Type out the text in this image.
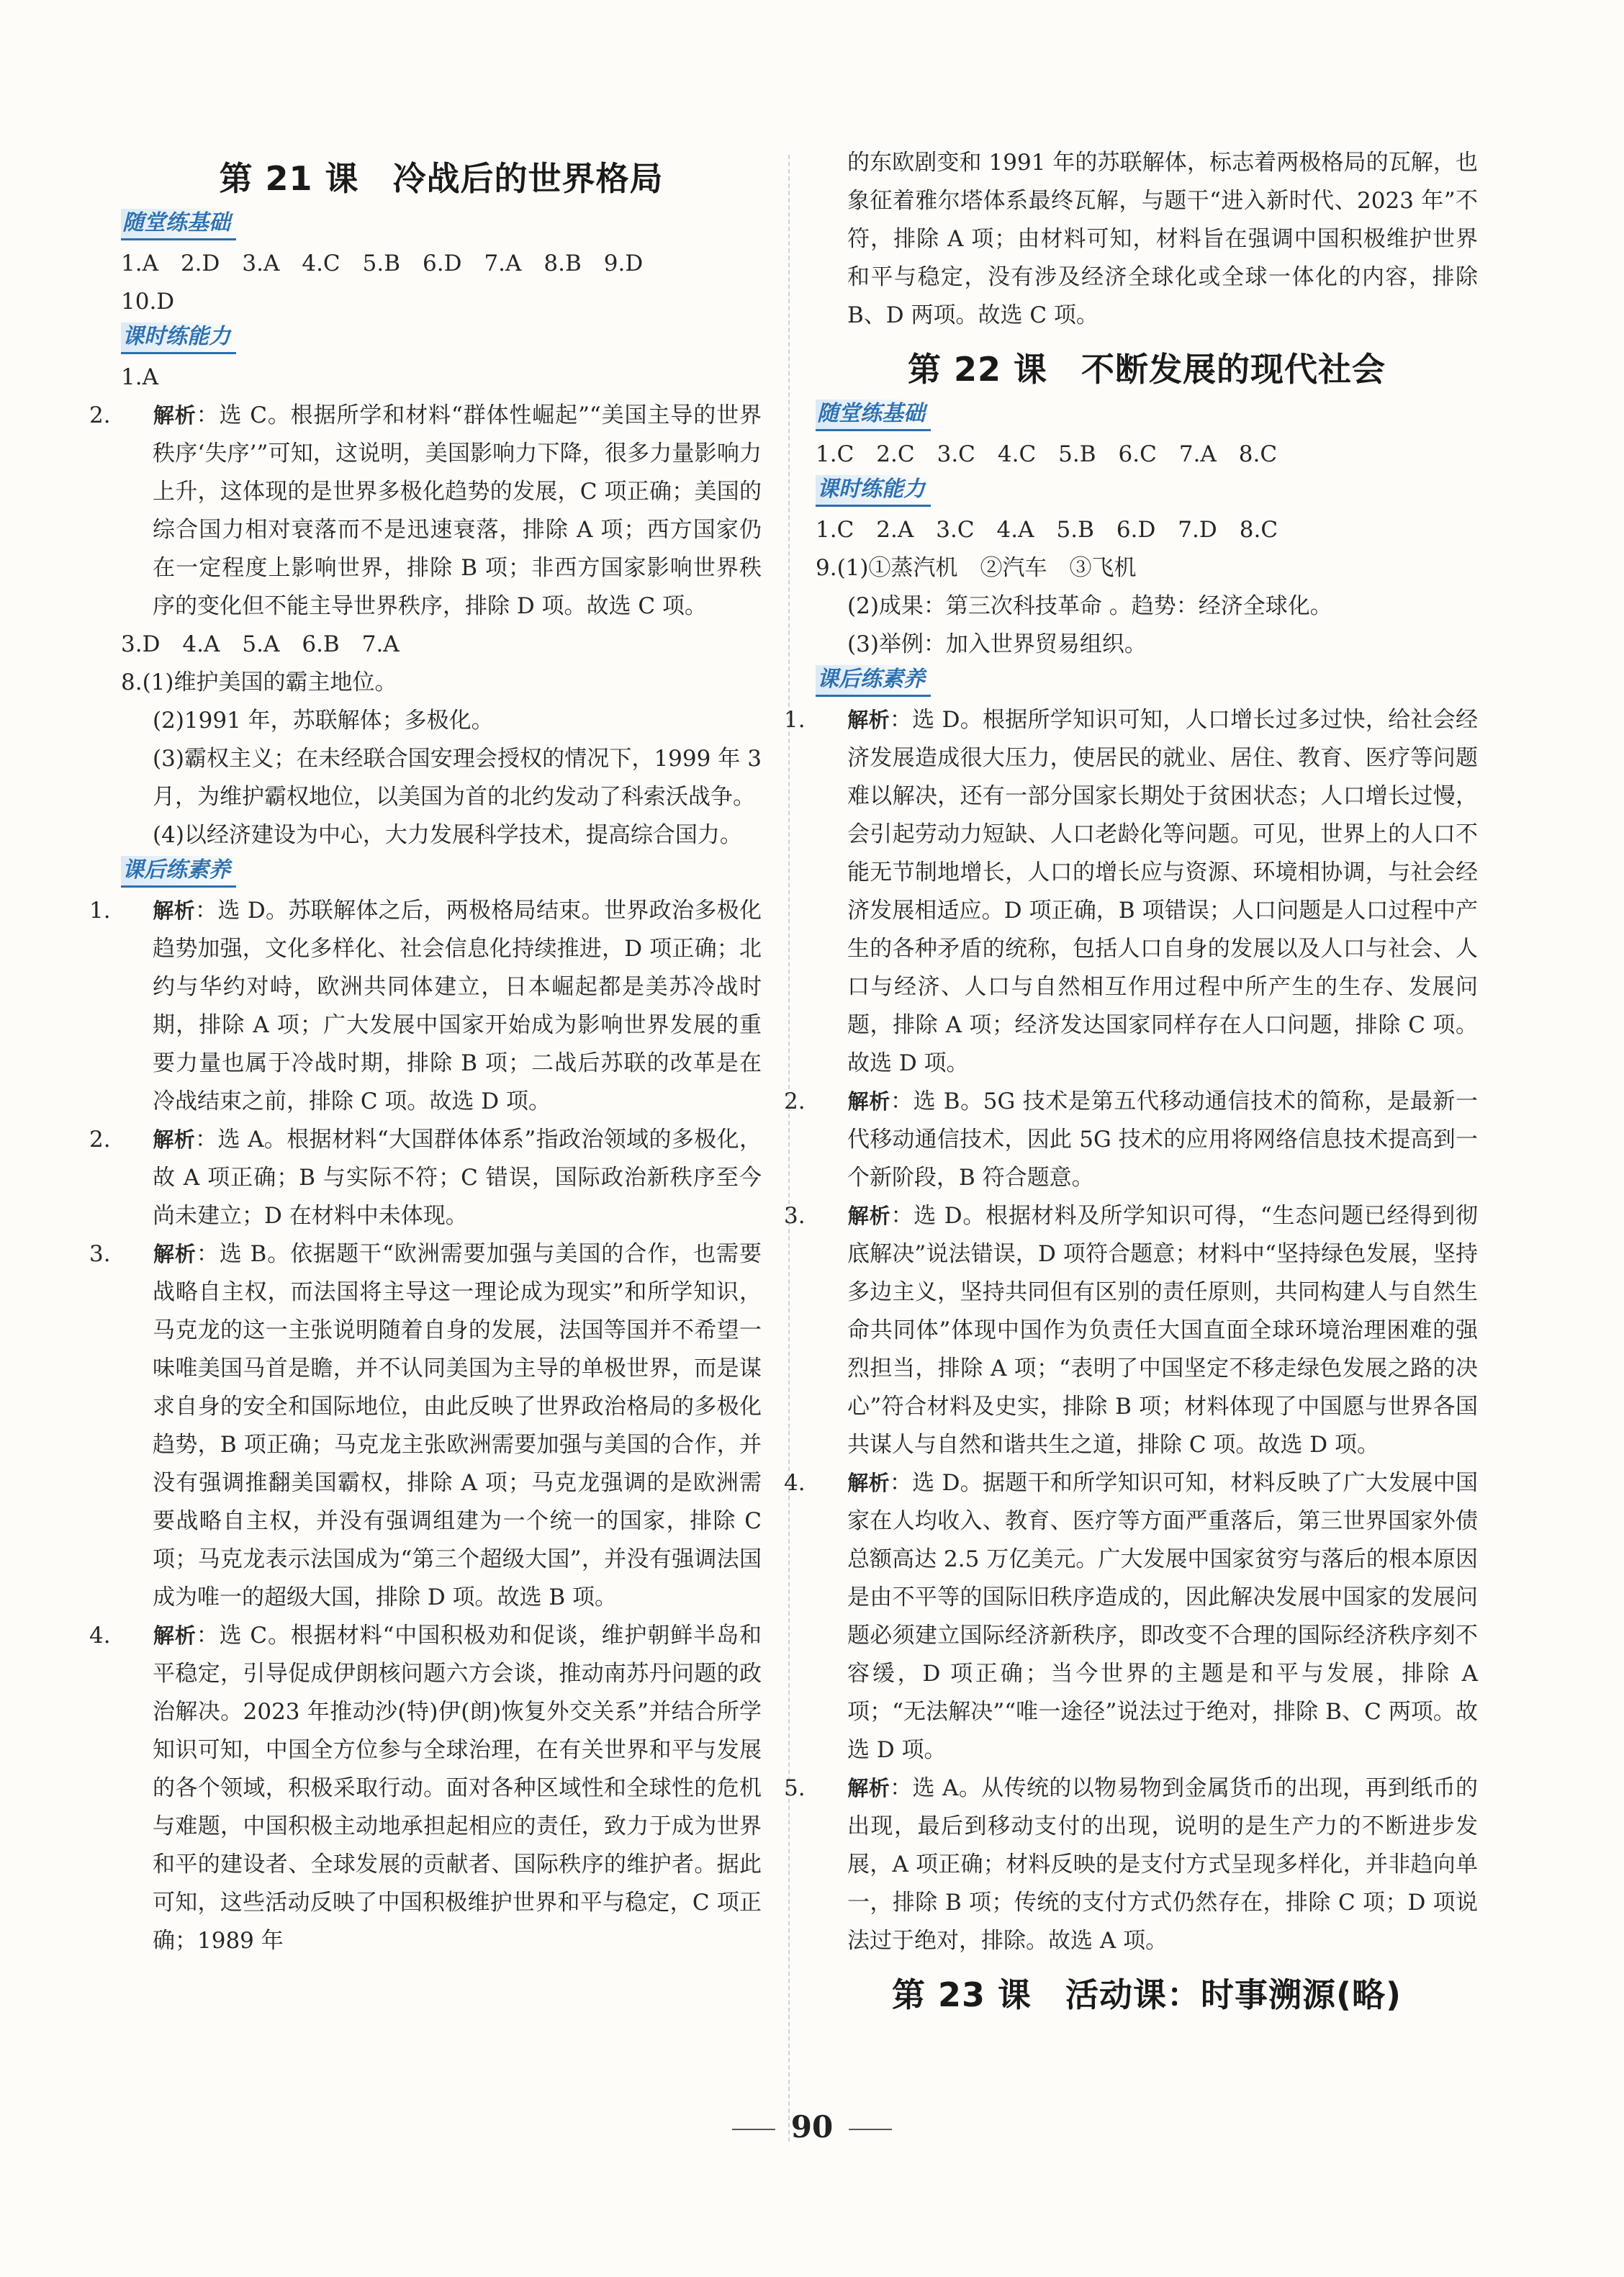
第 21 课　冷战后的世界格局
随堂练基础

1.A　2.D　3.A　4.C　5.B　6.D　7.A　8.B　9.D

10.D

课时练能力

1.A

2. 解析：选 C。根据所学和材料“群体性崛起”“美国主导的世界秩序‘失序’”可知，这说明，美国影响力下降，很多力量影响力上升，这体现的是世界多极化趋势的发展，C 项正确；美国的综合国力相对衰落而不是迅速衰落，排除 A 项；西方国家仍在一定程度上影响世界，排除 B 项；非西方国家影响世界秩序的变化但不能主导世界秩序，排除 D 项。故选 C 项。

3.D　4.A　5.A　6.B　7.A

8.(1)维护美国的霸主地位。

(2)1991 年，苏联解体；多极化。

(3)霸权主义；在未经联合国安理会授权的情况下，1999 年 3 月，为维护霸权地位，以美国为首的北约发动了科索沃战争。

(4)以经济建设为中心，大力发展科学技术，提高综合国力。

课后练素养

1. 解析：选 D。苏联解体之后，两极格局结束。世界政治多极化趋势加强，文化多样化、社会信息化持续推进，D 项正确；北约与华约对峙，欧洲共同体建立，日本崛起都是美苏冷战时期，排除 A 项；广大发展中国家开始成为影响世界发展的重要力量也属于冷战时期，排除 B 项；二战后苏联的改革是在冷战结束之前，排除 C 项。故选 D 项。

2. 解析：选 A。根据材料“大国群体体系”指政治领域的多极化，故 A 项正确；B 与实际不符；C 错误，国际政治新秩序至今尚未建立；D 在材料中未体现。

3. 解析：选 B。依据题干“欧洲需要加强与美国的合作，也需要战略自主权，而法国将主导这一理论成为现实”和所学知识，马克龙的这一主张说明随着自身的发展，法国等国并不希望一味唯美国马首是瞻，并不认同美国为主导的单极世界，而是谋求自身的安全和国际地位，由此反映了世界政治格局的多极化趋势，B 项正确；马克龙主张欧洲需要加强与美国的合作，并没有强调推翻美国霸权，排除 A 项；马克龙强调的是欧洲需要战略自主权，并没有强调组建为一个统一的国家，排除 C 项；马克龙表示法国成为“第三个超级大国”，并没有强调法国成为唯一的超级大国，排除 D 项。故选 B 项。

4. 解析：选 C。根据材料“中国积极劝和促谈，维护朝鲜半岛和平稳定，引导促成伊朗核问题六方会谈，推动南苏丹问题的政治解决。2023 年推动沙(特)伊(朗)恢复外交关系”并结合所学知识可知，中国全方位参与全球治理，在有关世界和平与发展的各个领域，积极采取行动。面对各种区域性和全球性的危机与难题，中国积极主动地承担起相应的责任，致力于成为世界和平的建设者、全球发展的贡献者、国际秩序的维护者。据此可知，这些活动反映了中国积极维护世界和平与稳定，C 项正确；1989 年

的东欧剧变和 1991 年的苏联解体，标志着两极格局的瓦解，也象征着雅尔塔体系最终瓦解，与题干“进入新时代、2023 年”不符，排除 A 项；由材料可知，材料旨在强调中国积极维护世界和平与稳定，没有涉及经济全球化或全球一体化的内容，排除 B、D 两项。故选 C 项。

第 22 课　不断发展的现代社会
随堂练基础

1.C　2.C　3.C　4.C　5.B　6.C　7.A　8.C

课时练能力

1.C　2.A　3.C　4.A　5.B　6.D　7.D　8.C

9.(1)①蒸汽机　②汽车　③飞机

(2)成果：第三次科技革命 。趋势：经济全球化。

(3)举例：加入世界贸易组织。

课后练素养

1. 解析：选 D。根据所学知识可知，人口增长过多过快，给社会经济发展造成很大压力，使居民的就业、居住、教育、医疗等问题难以解决，还有一部分国家长期处于贫困状态；人口增长过慢，会引起劳动力短缺、人口老龄化等问题。可见，世界上的人口不能无节制地增长，人口的增长应与资源、环境相协调，与社会经济发展相适应。D 项正确，B 项错误；人口问题是人口过程中产生的各种矛盾的统称，包括人口自身的发展以及人口与社会、人口与经济、人口与自然相互作用过程中所产生的生存、发展问题，排除 A 项；经济发达国家同样存在人口问题，排除 C 项。故选 D 项。

2. 解析：选 B。5G 技术是第五代移动通信技术的简称，是最新一代移动通信技术，因此 5G 技术的应用将网络信息技术提高到一个新阶段，B 符合题意。

3. 解析：选 D。根据材料及所学知识可得，“生态问题已经得到彻底解决”说法错误，D 项符合题意；材料中“坚持绿色发展，坚持多边主义，坚持共同但有区别的责任原则，共同构建人与自然生命共同体”体现中国作为负责任大国直面全球环境治理困难的强烈担当，排除 A 项；“表明了中国坚定不移走绿色发展之路的决心”符合材料及史实，排除 B 项；材料体现了中国愿与世界各国共谋人与自然和谐共生之道，排除 C 项。故选 D 项。

4. 解析：选 D。据题干和所学知识可知，材料反映了广大发展中国家在人均收入、教育、医疗等方面严重落后，第三世界国家外债总额高达 2.5 万亿美元。广大发展中国家贫穷与落后的根本原因是由不平等的国际旧秩序造成的，因此解决发展中国家的发展问题必须建立国际经济新秩序，即改变不合理的国际经济秩序刻不容缓，D 项正确；当今世界的主题是和平与发展，排除 A 项；“无法解决”“唯一途径”说法过于绝对，排除 B、C 两项。故选 D 项。

5. 解析：选 A。从传统的以物易物到金属货币的出现，再到纸币的出现，最后到移动支付的出现，说明的是生产力的不断进步发展，A 项正确；材料反映的是支付方式呈现多样化，并非趋向单一，排除 B 项；传统的支付方式仍然存在，排除 C 项；D 项说法过于绝对，排除。故选 A 项。

第 23 课　活动课：时事溯源(略)
90
